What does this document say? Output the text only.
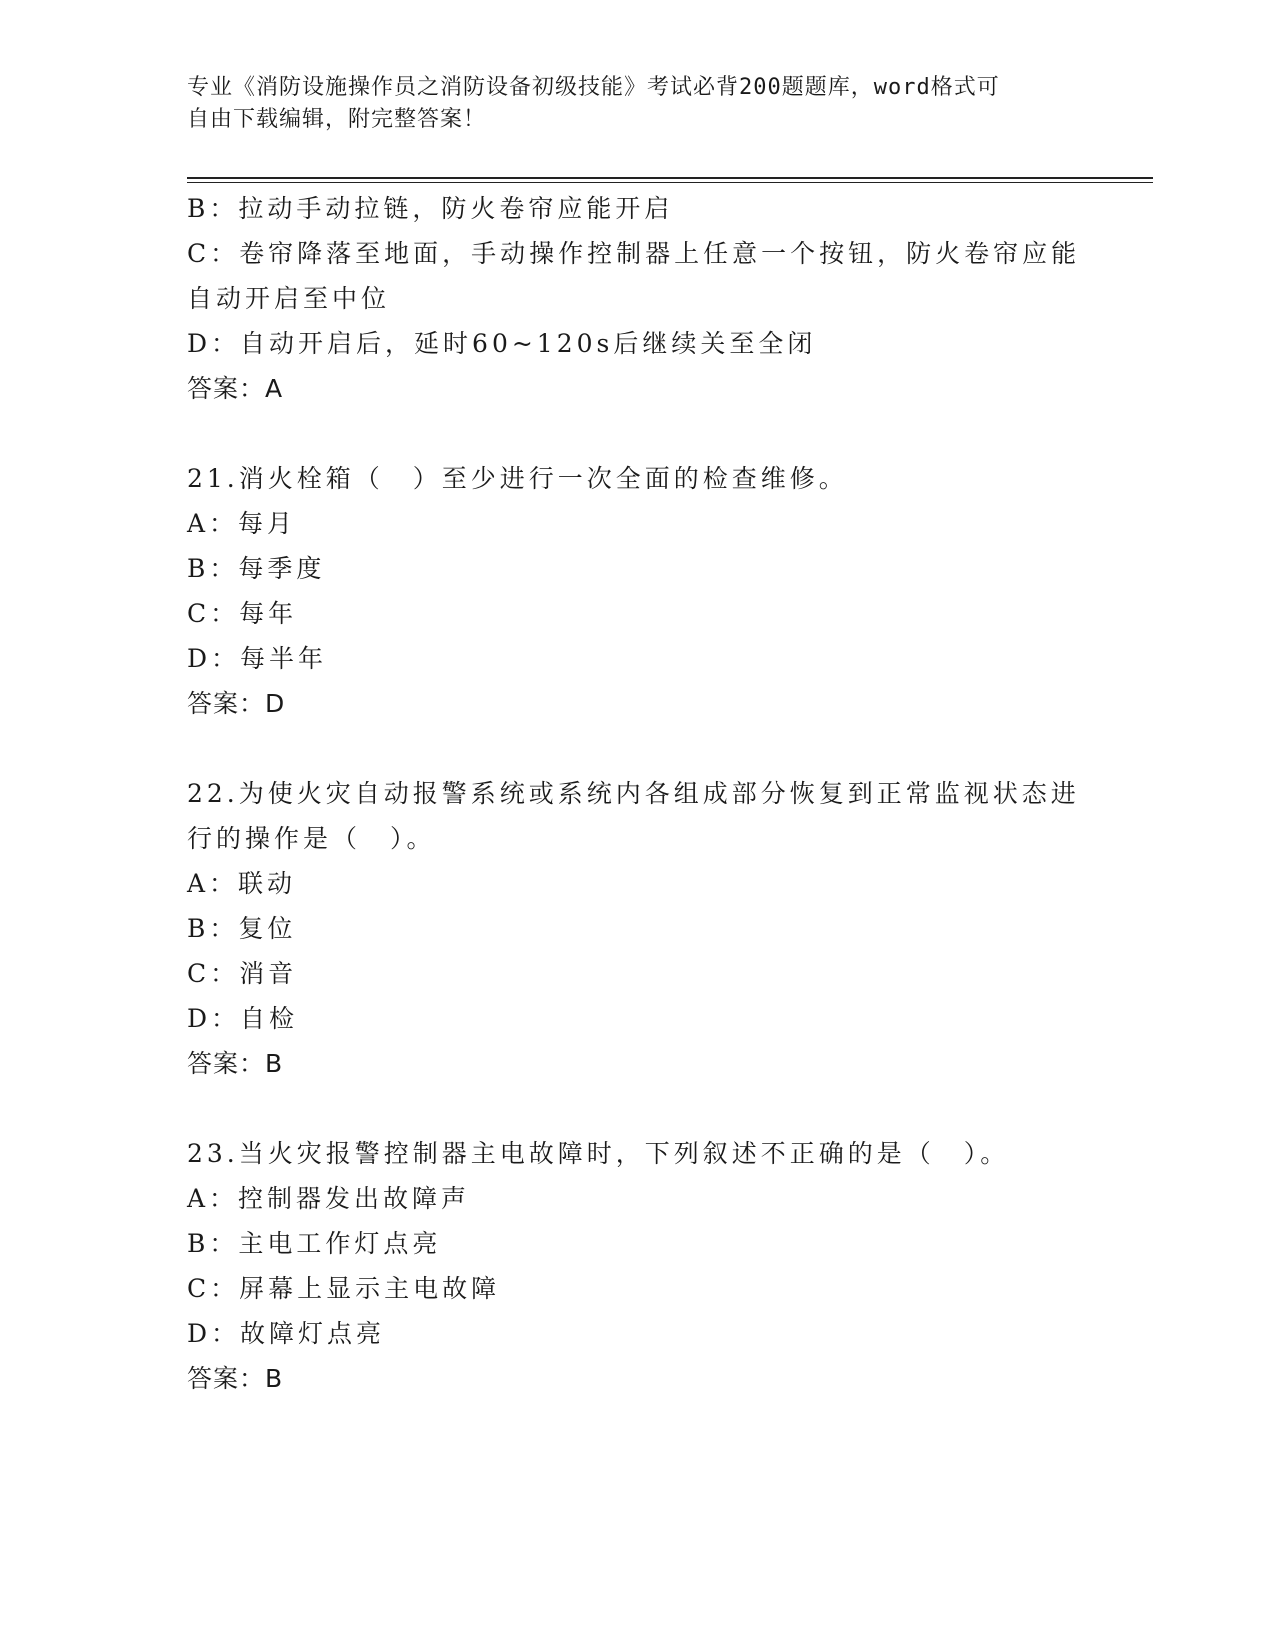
专业《消防设施操作员之消防设备初级技能》考试必背200题题库，word格式可
自由下载编辑，附完整答案！
B：拉动手动拉链，防火卷帘应能开启
C：卷帘降落至地面，手动操作控制器上任意一个按钮，防火卷帘应能
自动开启至中位
D：自动开启后，延时60~120s后继续关至全闭
答案：A
21.消火栓箱（　）至少进行一次全面的检查维修。
A：每月
B：每季度
C：每年
D：每半年
答案：D
22.为使火灾自动报警系统或系统内各组成部分恢复到正常监视状态进
行的操作是（　）。
A：联动
B：复位
C：消音
D：自检
答案：B
23.当火灾报警控制器主电故障时，下列叙述不正确的是（　）。
A：控制器发出故障声
B：主电工作灯点亮
C：屏幕上显示主电故障
D：故障灯点亮
答案：B
